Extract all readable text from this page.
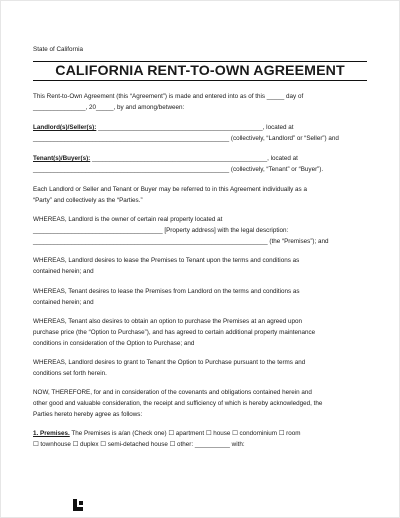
State of California
CALIFORNIA RENT-TO-OWN AGREEMENT
This Rent-to-Own Agreement (this “Agreement”) is made and entered into as of this _____ day of
_______________, 20_____, by and among/between:
Landlord(s)/Seller(s): _______________________________________________, located at
________________________________________________________ (collectively, “Landlord” or “Seller”) and
Tenant(s)/Buyer(s): __________________________________________________, located at
________________________________________________________ (collectively, “Tenant” or “Buyer”).
Each Landlord or Seller and Tenant or Buyer may be referred to in this Agreement individually as a
“Party” and collectively as the “Parties.”
WHEREAS, Landlord is the owner of certain real property located at
_____________________________________ [Property address] with the legal description:
___________________________________________________________________ (the “Premises”); and
WHEREAS, Landlord desires to lease the Premises to Tenant upon the terms and conditions as
contained herein; and
WHEREAS, Tenant desires to lease the Premises from Landlord on the terms and conditions as
contained herein; and
WHEREAS, Tenant also desires to obtain an option to purchase the Premises at an agreed upon
purchase price (the “Option to Purchase”), and has agreed to certain additional property maintenance
conditions in consideration of the Option to Purchase; and
WHEREAS, Landlord desires to grant to Tenant the Option to Purchase pursuant to the terms and
conditions set forth herein.
NOW, THEREFORE, for and in consideration of the covenants and obligations contained herein and
other good and valuable consideration, the receipt and sufficiency of which is hereby acknowledged, the
Parties hereto hereby agree as follows:
1. Premises. The Premises is a/an (Check one) ☐ apartment ☐ house ☐ condominium ☐ room
☐ townhouse ☐ duplex ☐ semi-detached house ☐ other: __________ with:
